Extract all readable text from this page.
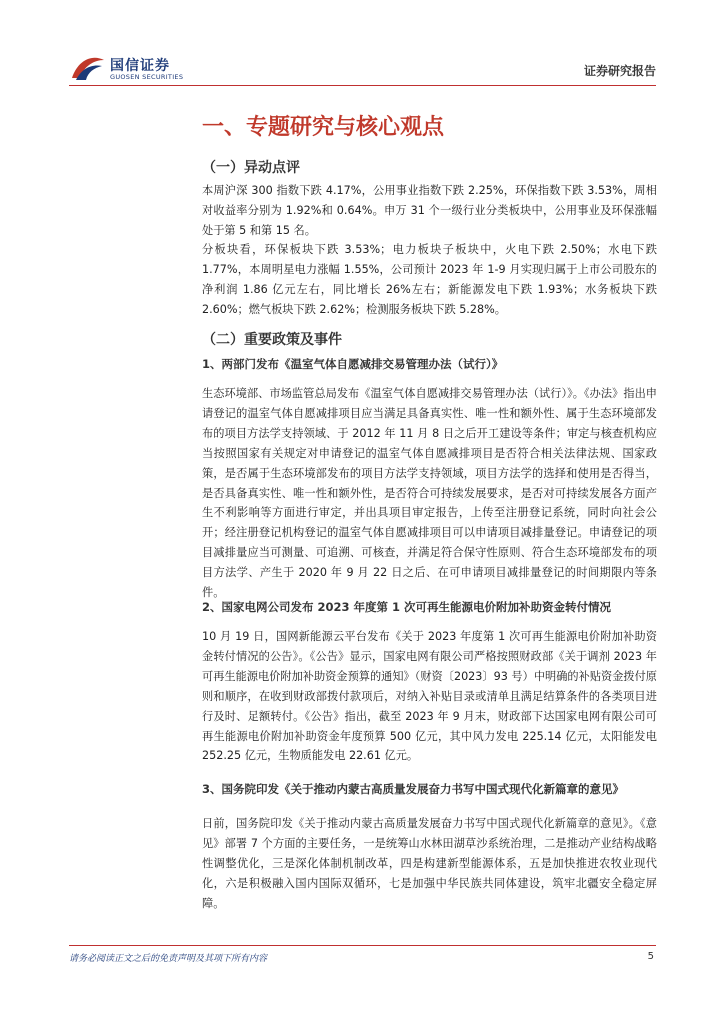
国信证券
GUOSEN SECURITIES	证券研究报告
一、专题研究与核心观点
（一）异动点评
本周沪深 300 指数下跌 4.17%，公用事业指数下跌 2.25%，环保指数下跌 3.53%，周相对收益率分别为 1.92%和 0.64%。申万 31 个一级行业分类板块中，公用事业及环保涨幅处于第 5 和第 15 名。
分板块看，环保板块下跌 3.53%；电力板块子板块中，火电下跌 2.50%；水电下跌 1.77%，本周明星电力涨幅 1.55%，公司预计 2023 年 1-9 月实现归属于上市公司股东的净利润 1.86 亿元左右，同比增长 26%左右；新能源发电下跌 1.93%；水务板块下跌 2.60%；燃气板块下跌 2.62%；检测服务板块下跌 5.28%。
（二）重要政策及事件
1、两部门发布《温室气体自愿减排交易管理办法（试行）》
生态环境部、市场监管总局发布《温室气体自愿减排交易管理办法（试行）》。《办法》指出申请登记的温室气体自愿减排项目应当满足具备真实性、唯一性和额外性、属于生态环境部发布的项目方法学支持领域、于 2012 年 11 月 8 日之后开工建设等条件；审定与核查机构应当按照国家有关规定对申请登记的温室气体自愿减排项目是否符合相关法律法规、国家政策，是否属于生态环境部发布的项目方法学支持领域，项目方法学的选择和使用是否得当，是否具备真实性、唯一性和额外性，是否符合可持续发展要求，是否对可持续发展各方面产生不利影响等方面进行审定，并出具项目审定报告，上传至注册登记系统，同时向社会公开；经注册登记机构登记的温室气体自愿减排项目可以申请项目减排量登记。申请登记的项目减排量应当可测量、可追溯、可核查，并满足符合保守性原则、符合生态环境部发布的项目方法学、产生于 2020 年 9 月 22 日之后、在可申请项目减排量登记的时间期限内等条件。
2、国家电网公司发布 2023 年度第 1 次可再生能源电价附加补助资金转付情况
10 月 19 日，国网新能源云平台发布《关于 2023 年度第 1 次可再生能源电价附加补助资金转付情况的公告》。《公告》显示，国家电网有限公司严格按照财政部《关于调剂 2023 年可再生能源电价附加补助资金预算的通知》（财资〔2023〕93 号）中明确的补贴资金拨付原则和顺序，在收到财政部拨付款项后，对纳入补贴目录或清单且满足结算条件的各类项目进行及时、足额转付。《公告》指出，截至 2023 年 9 月末，财政部下达国家电网有限公司可再生能源电价附加补助资金年度预算 500 亿元，其中风力发电 225.14 亿元，太阳能发电 252.25 亿元，生物质能发电 22.61 亿元。
3、国务院印发《关于推动内蒙古高质量发展奋力书写中国式现代化新篇章的意见》
日前，国务院印发《关于推动内蒙古高质量发展奋力书写中国式现代化新篇章的意见》。《意见》部署 7 个方面的主要任务，一是统筹山水林田湖草沙系统治理，二是推动产业结构战略性调整优化，三是深化体制机制改革，四是构建新型能源体系，五是加快推进农牧业现代化，六是积极融入国内国际双循环，七是加强中华民族共同体建设，筑牢北疆安全稳定屏障。
请务必阅读正文之后的免责声明及其项下所有内容	5
